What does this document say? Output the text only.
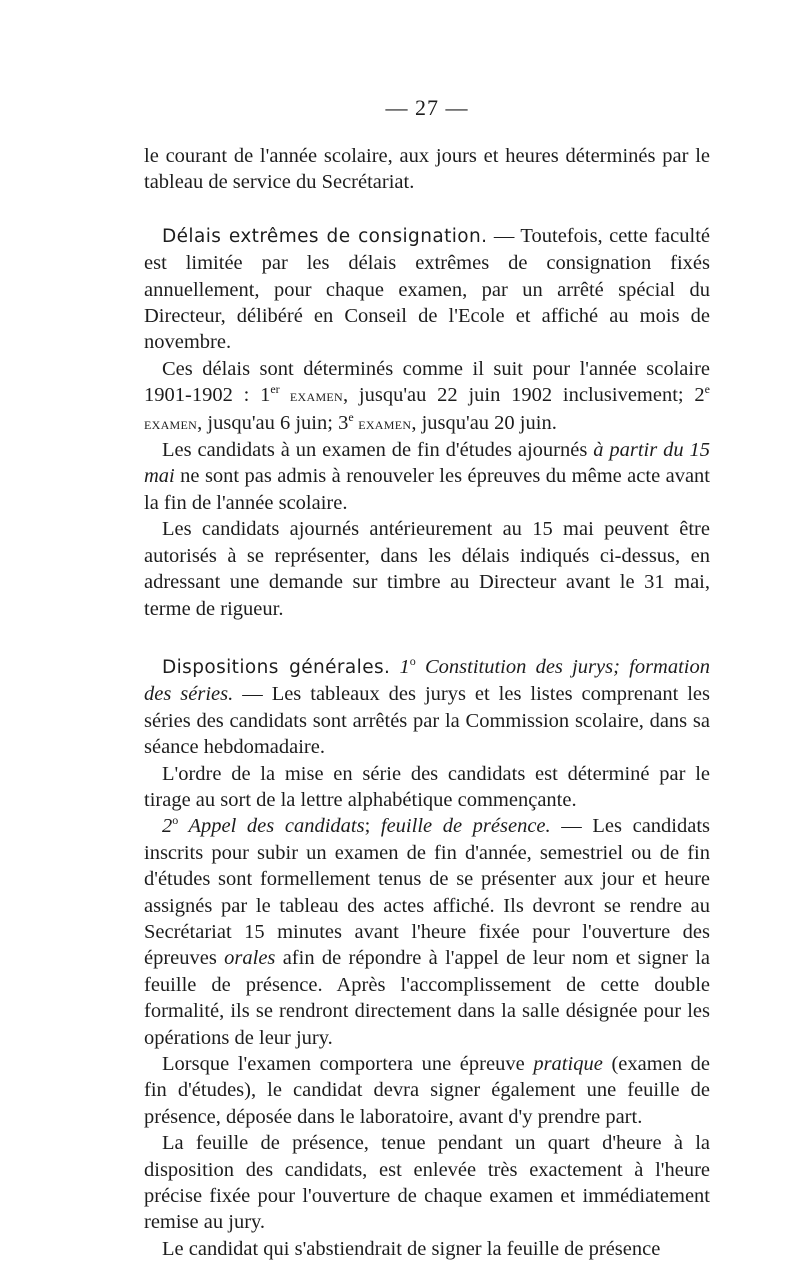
— 27 —

le courant de l'année scolaire, aux jours et heures déterminés par le tableau de service du Secrétariat.

Délais extrêmes de consignation. — Toutefois, cette faculté est limitée par les délais extrêmes de consignation fixés annuellement, pour chaque examen, par un arrêté spécial du Directeur, délibéré en Conseil de l'Ecole et affiché au mois de novembre.

Ces délais sont déterminés comme il suit pour l'année scolaire 1901-1902 : 1er examen, jusqu'au 22 juin 1902 inclusivement; 2e examen, jusqu'au 6 juin; 3e examen, jusqu'au 20 juin.

Les candidats à un examen de fin d'études ajournés à partir du 15 mai ne sont pas admis à renouveler les épreuves du même acte avant la fin de l'année scolaire.

Les candidats ajournés antérieurement au 15 mai peuvent être autorisés à se représenter, dans les délais indiqués ci-dessus, en adressant une demande sur timbre au Directeur avant le 31 mai, terme de rigueur.

Dispositions générales. 1$^o$ Constitution des jurys; formation des séries. — Les tableaux des jurys et les listes comprenant les séries des candidats sont arrêtés par la Commission scolaire, dans sa séance hebdomadaire.

L'ordre de la mise en série des candidats est déterminé par le tirage au sort de la lettre alphabétique commençante.

2$^o$ Appel des candidats; feuille de présence. — Les candidats inscrits pour subir un examen de fin d'année, semestriel ou de fin d'études sont formellement tenus de se présenter aux jour et heure assignés par le tableau des actes affiché. Ils devront se rendre au Secrétariat 15 minutes avant l'heure fixée pour l'ouverture des épreuves orales afin de répondre à l'appel de leur nom et signer la feuille de présence. Après l'accomplissement de cette double formalité, ils se rendront directement dans la salle désignée pour les opérations de leur jury.

Lorsque l'examen comportera une épreuve pratique (examen de fin d'études), le candidat devra signer également une feuille de présence, déposée dans le laboratoire, avant d'y prendre part.

La feuille de présence, tenue pendant un quart d'heure à la disposition des candidats, est enlevée très exactement à l'heure précise fixée pour l'ouverture de chaque examen et immédiatement remise au jury.

Le candidat qui s'abstiendrait de signer la feuille de présence
